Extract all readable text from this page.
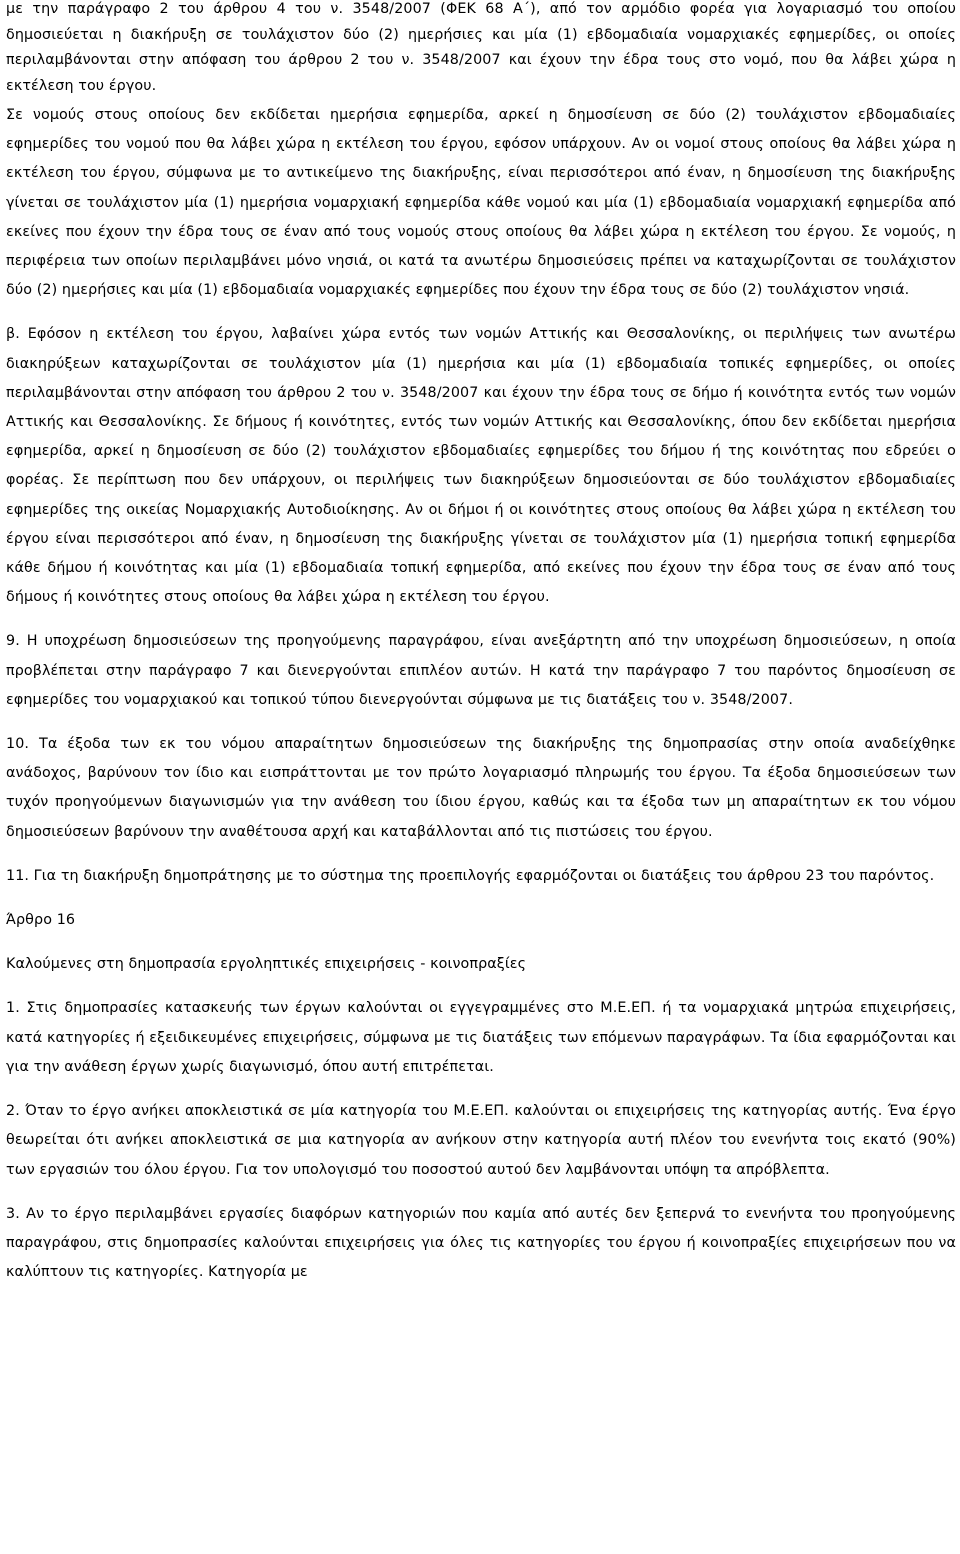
με την παράγραφο 2 του άρθρου 4 του ν. 3548/2007 (ΦΕΚ 68 Α΄), από τον αρμόδιο φορέα για λογαριασμό του οποίου δημοσιεύεται η διακήρυξη σε τουλάχιστον δύο (2) ημερήσιες και μία (1) εβδομαδιαία νομαρχιακές εφημερίδες, οι οποίες περιλαμβάνονται στην απόφαση του άρθρου 2 του ν. 3548/2007 και έχουν την έδρα τους στο νομό, που θα λάβει χώρα η εκτέλεση του έργου.

Σε νομούς στους οποίους δεν εκδίδεται ημερήσια εφημερίδα, αρκεί η δημοσίευση σε δύο (2) τουλάχιστον εβδομαδιαίες εφημερίδες του νομού που θα λάβει χώρα η εκτέλεση του έργου, εφόσον υπάρχουν. Αν οι νομοί στους οποίους θα λάβει χώρα η εκτέλεση του έργου, σύμφωνα με το αντικείμενο της διακήρυξης, είναι περισσότεροι από έναν, η δημοσίευση της διακήρυξης γίνεται σε τουλάχιστον μία (1) ημερήσια νομαρχιακή εφημερίδα κάθε νομού και μία (1) εβδομαδιαία νομαρχιακή εφημερίδα από εκείνες που έχουν την έδρα τους σε έναν από τους νομούς στους οποίους θα λάβει χώρα η εκτέλεση του έργου. Σε νομούς, η περιφέρεια των οποίων περιλαμβάνει μόνο νησιά, οι κατά τα ανωτέρω δημοσιεύσεις πρέπει να καταχωρίζονται σε τουλάχιστον δύο (2) ημερήσιες και μία (1) εβδομαδιαία νομαρχιακές εφημερίδες που έχουν την έδρα τους σε δύο (2) τουλάχιστον νησιά.

β. Εφόσον η εκτέλεση του έργου, λαβαίνει χώρα εντός των νομών Αττικής και Θεσσαλονίκης, οι περιλήψεις των ανωτέρω διακηρύξεων καταχωρίζονται σε τουλάχιστον μία (1) ημερήσια και μία (1) εβδομαδιαία τοπικές εφημερίδες, οι οποίες περιλαμβάνονται στην απόφαση του άρθρου 2 του ν. 3548/2007 και έχουν την έδρα τους σε δήμο ή κοινότητα εντός των νομών Αττικής και Θεσσαλονίκης. Σε δήμους ή κοινότητες, εντός των νομών Αττικής και Θεσσαλονίκης, όπου δεν εκδίδεται ημερήσια εφημερίδα, αρκεί η δημοσίευση σε δύο (2) τουλάχιστον εβδομαδιαίες εφημερίδες του δήμου ή της κοινότητας που εδρεύει ο φορέας. Σε περίπτωση που δεν υπάρχουν, οι περιλήψεις των διακηρύξεων δημοσιεύονται σε δύο τουλάχιστον εβδομαδιαίες εφημερίδες της οικείας Νομαρχιακής Αυτοδιοίκησης. Αν οι δήμοι ή οι κοινότητες στους οποίους θα λάβει χώρα η εκτέλεση του έργου είναι περισσότεροι από έναν, η δημοσίευση της διακήρυξης γίνεται σε τουλάχιστον μία (1) ημερήσια τοπική εφημερίδα κάθε δήμου ή κοινότητας και μία (1) εβδομαδιαία τοπική εφημερίδα, από εκείνες που έχουν την έδρα τους σε έναν από τους δήμους ή κοινότητες στους οποίους θα λάβει χώρα η εκτέλεση του έργου.

9. Η υποχρέωση δημοσιεύσεων της προηγούμενης παραγράφου, είναι ανεξάρτητη από την υποχρέωση δημοσιεύσεων, η οποία προβλέπεται στην παράγραφο 7 και διενεργούνται επιπλέον αυτών. Η κατά την παράγραφο 7 του παρόντος δημοσίευση σε εφημερίδες του νομαρχιακού και τοπικού τύπου διενεργούνται σύμφωνα με τις διατάξεις του ν. 3548/2007.

10. Τα έξοδα των εκ του νόμου απαραίτητων δημοσιεύσεων της διακήρυξης της δημοπρασίας στην οποία αναδείχθηκε ανάδοχος, βαρύνουν τον ίδιο και εισπράττονται με τον πρώτο λογαριασμό πληρωμής του έργου. Τα έξοδα δημοσιεύσεων των τυχόν προηγούμενων διαγωνισμών για την ανάθεση του ίδιου έργου, καθώς και τα έξοδα των μη απαραίτητων εκ του νόμου δημοσιεύσεων βαρύνουν την αναθέτουσα αρχή και καταβάλλονται από τις πιστώσεις του έργου.

11. Για τη διακήρυξη δημοπράτησης με το σύστημα της προεπιλογής εφαρμόζονται οι διατάξεις του άρθρου 23 του παρόντος.

Άρθρο 16

Καλούμενες στη δημοπρασία εργοληπτικές επιχειρήσεις - κοινοπραξίες

1. Στις δημοπρασίες κατασκευής των έργων καλούνται οι εγγεγραμμένες στο Μ.Ε.ΕΠ. ή τα νομαρχιακά μητρώα επιχειρήσεις, κατά κατηγορίες ή εξειδικευμένες επιχειρήσεις, σύμφωνα με τις διατάξεις των επόμενων παραγράφων. Τα ίδια εφαρμόζονται και για την ανάθεση έργων χωρίς διαγωνισμό, όπου αυτή επιτρέπεται.

2. Όταν το έργο ανήκει αποκλειστικά σε μία κατηγορία του Μ.Ε.ΕΠ. καλούνται οι επιχειρήσεις της κατηγορίας αυτής. Ένα έργο θεωρείται ότι ανήκει αποκλειστικά σε μια κατηγορία αν ανήκουν στην κατηγορία αυτή πλέον του ενενήντα τοις εκατό (90%) των εργασιών του όλου έργου. Για τον υπολογισμό του ποσοστού αυτού δεν λαμβάνονται υπόψη τα απρόβλεπτα.

3. Αν το έργο περιλαμβάνει εργασίες διαφόρων κατηγοριών που καμία από αυτές δεν ξεπερνά το ενενήντα του προηγούμενης παραγράφου, στις δημοπρασίες καλούνται επιχειρήσεις για όλες τις κατηγορίες του έργου ή κοινοπραξίες επιχειρήσεων που να καλύπτουν τις κατηγορίες. Κατηγορία με
